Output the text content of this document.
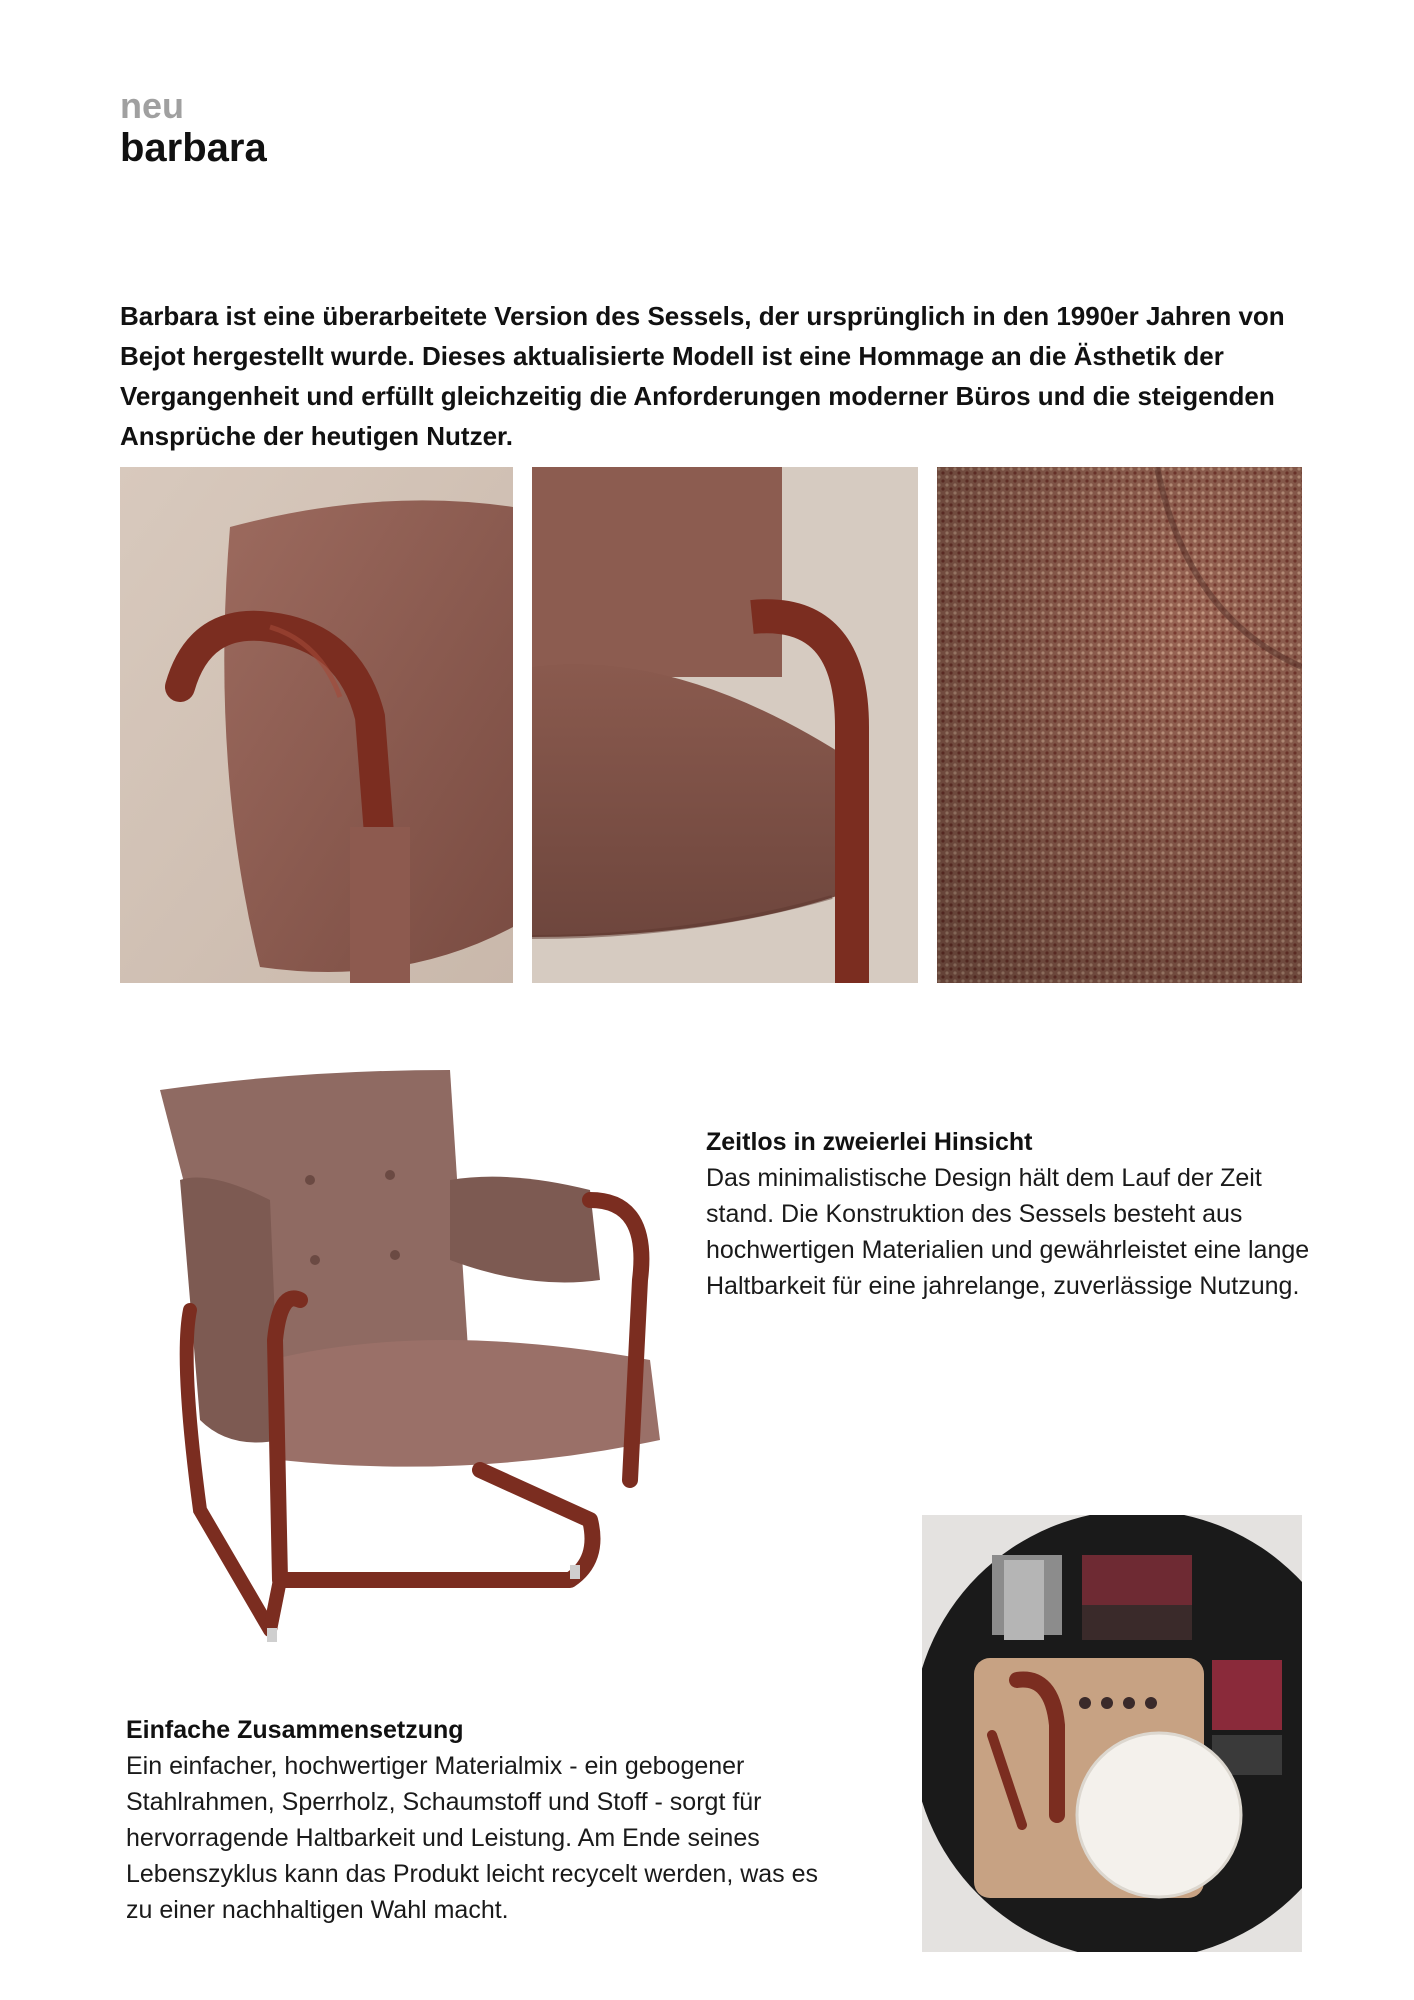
neu
barbara

Barbara ist eine überarbeitete Version des Sessels, der ursprünglich in den 1990er Jahren von Bejot hergestellt wurde. Dieses aktualisierte Modell ist eine Hommage an die Ästhetik der Vergangenheit und erfüllt gleichzeitig die Anforderungen moderner Büros und die steigenden Ansprüche der heutigen Nutzer.

Zeitlos in zweierlei Hinsicht

Das minimalistische Design hält dem Lauf der Zeit stand. Die Konstruktion des Sessels besteht aus hochwertigen Materialien und gewährleistet eine lange Haltbarkeit für eine jahrelange, zuverlässige Nutzung.

Einfache Zusammensetzung

Ein einfacher, hochwertiger Materialmix - ein gebogener Stahlrahmen, Sperrholz, Schaumstoff und Stoff - sorgt für hervorragende Haltbarkeit und Leistung. Am Ende seines Lebenszyklus kann das Produkt leicht recycelt werden, was es zu einer nachhaltigen Wahl macht.
